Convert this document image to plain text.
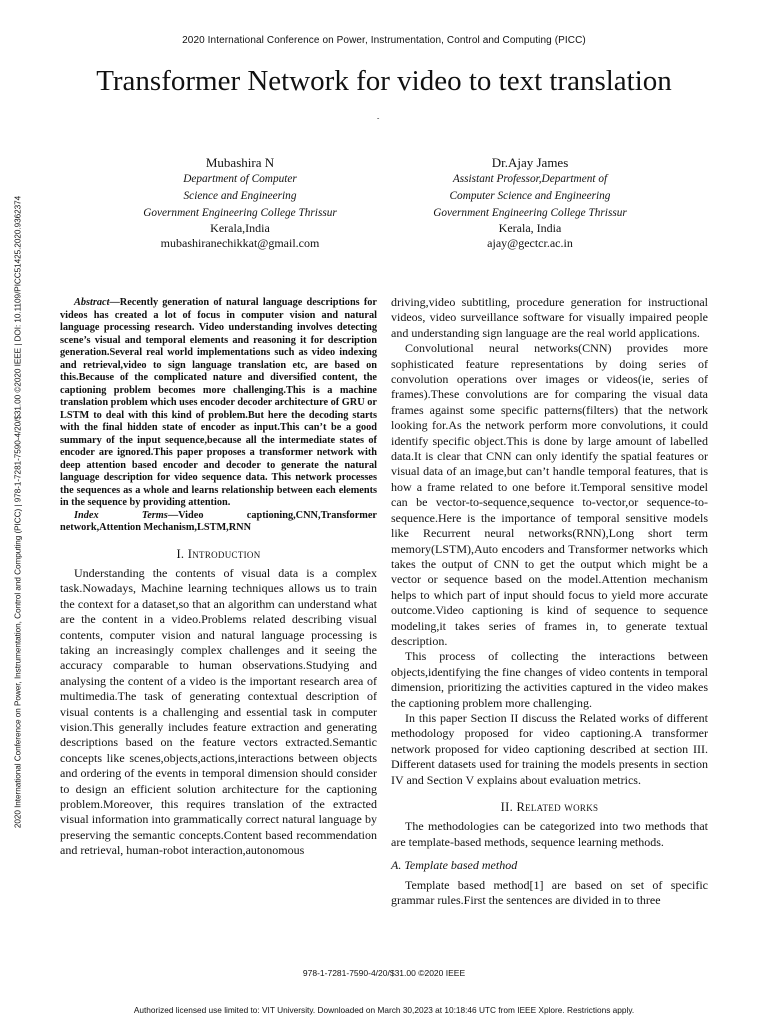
2020 International Conference on Power, Instrumentation, Control and Computing (PICC)
Transformer Network for video to text translation
-
2020 International Conference on Power, Instrumentation, Control and Computing (PICC) | 978-1-7281-7590-4/20/$31.00 ©2020 IEEE | DOI: 10.1109/PICC51425.2020.9362374
Mubashira N
Department of Computer
Science and Engineering
Government Engineering College Thrissur
Kerala,India
mubashiranechikkat@gmail.com
Dr.Ajay James
Assistant Professor,Department of
Computer Science and Engineering
Government Engineering College Thrissur
Kerala, India
ajay@gectcr.ac.in

Abstract—Recently generation of natural language descriptions for videos has created a lot of focus in computer vision and natural language processing research. Video understanding involves detecting scene’s visual and temporal elements and reasoning it for description generation.Several real world implementations such as video indexing and retrieval,video to sign language translation etc, are based on this.Because of the complicated nature and diversified content, the captioning problem becomes more challenging.This is a machine translation problem which uses encoder decoder architecture of GRU or LSTM to deal with this kind of problem.But here the decoding starts with the final hidden state of encoder as input.This can’t be a good summary of the input sequence,because all the intermediate states of encoder are ignored.This paper proposes a transformer network with deep attention based encoder and decoder to generate the natural language description for video sequence data. This network processes the sequences as a whole and learns relationship between each elements in the sequence by providing attention.

Index Terms—Video captioning,CNN,Transformer network,Attention Mechanism,LSTM,RNN

I. Introduction

Understanding the contents of visual data is a complex task.Nowadays, Machine learning techniques allows us to train the context for a dataset,so that an algorithm can understand what are the content in a video.Problems related describing visual contents, computer vision and natural language processing is taking an increasingly complex challenges and it seeing the accuracy comparable to human observations.Studying and analysing the content of a video is the important research area of multimedia.The task of generating contextual description of visual contents is a challenging and essential task in computer vision.This generally includes feature extraction and generating descriptions based on the feature vectors extracted.Semantic concepts like scenes,objects,actions,interactions between objects and ordering of the events in temporal dimension should consider to design an efficient solution architecture for the captioning problem.Moreover, this requires translation of the extracted visual information into grammatically correct natural language by preserving the semantic concepts.Content based recommendation and retrieval, human-robot interaction,autonomous

driving,video subtitling, procedure generation for instructional videos, video surveillance software for visually impaired people and understanding sign language are the real world applications.

Convolutional neural networks(CNN) provides more sophisticated feature representations by doing series of convolution operations over images or videos(ie, series of frames).These convolutions are for comparing the visual data frames against some specific patterns(filters) that the network looking for.As the network perform more convolutions, it could identify specific object.This is done by large amount of labelled data.It is clear that CNN can only identify the spatial features or visual data of an image,but can’t handle temporal features, that is how a frame related to one before it.Temporal sensitive model can be vector-to-sequence,sequence to-vector,or sequence-to-sequence.Here is the importance of temporal sensitive models like Recurrent neural networks(RNN),Long short term memory(LSTM),Auto encoders and Transformer networks which takes the output of CNN to get the output which might be a vector or sequence based on the model.Attention mechanism helps to which part of input should focus to yield more accurate outcome.Video captioning is kind of sequence to sequence modeling,it takes series of frames in, to generate textual description.

This process of collecting the interactions between objects,identifying the fine changes of video contents in temporal dimension, prioritizing the activities captured in the video makes the captioning problem more challenging.

In this paper Section II discuss the Related works of different methodology proposed for video captioning.A transformer network proposed for video captioning described at section III. Different datasets used for training the models presents in section IV and Section V explains about evaluation metrics.

II. Related works

The methodologies can be categorized into two methods that are template-based methods, sequence learning methods.

A. Template based method

Template based method[1] are based on set of specific grammar rules.First the sentences are divided in to three

978-1-7281-7590-4/20/$31.00 ©2020 IEEE
Authorized licensed use limited to: VIT University. Downloaded on March 30,2023 at 10:18:46 UTC from IEEE Xplore. Restrictions apply.
